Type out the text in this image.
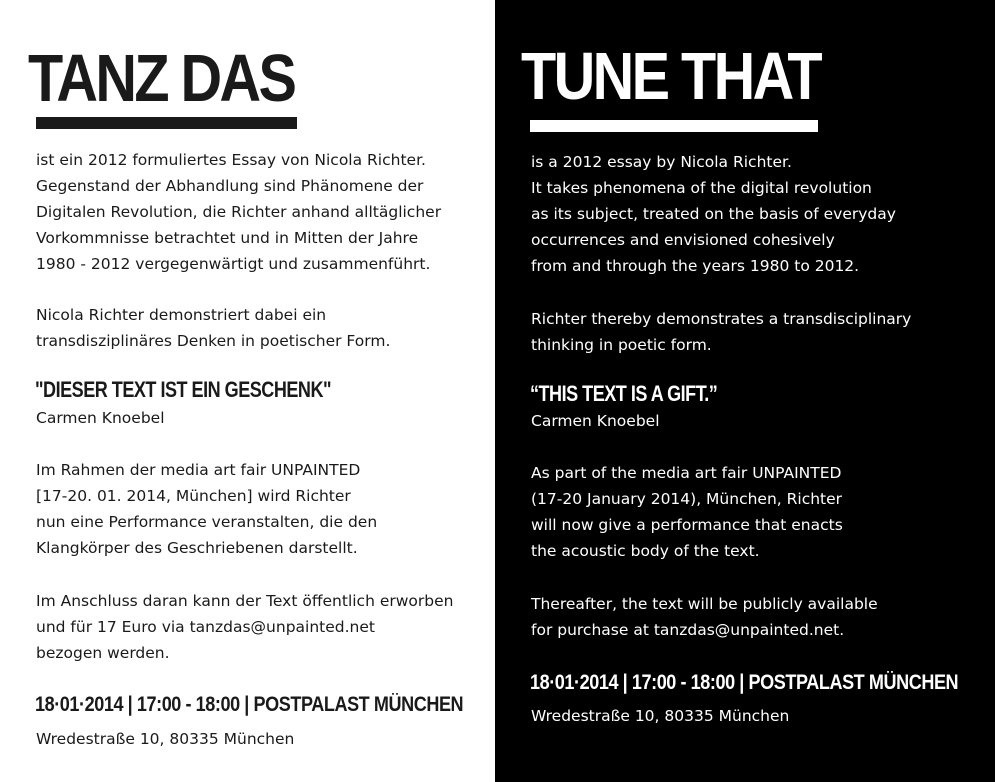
TANZ DAS

ist ein 2012 formuliertes Essay von Nicola Richter.
Gegenstand der Abhandlung sind Phänomene der
Digitalen Revolution, die Richter anhand alltäglicher
Vorkommnisse betrachtet und in Mitten der Jahre
1980 - 2012 vergegenwärtigt und zusammenführt.

Nicola Richter demonstriert dabei ein
transdisziplinäres Denken in poetischer Form.

"DIESER TEXT IST EIN GESCHENK"
Carmen Knoebel

Im Rahmen der media art fair UNPAINTED
[17-20. 01. 2014, München] wird Richter
nun eine Performance veranstalten, die den
Klangkörper des Geschriebenen darstellt.

Im Anschluss daran kann der Text öffentlich erworben
und für 17 Euro via tanzdas@unpainted.net
bezogen werden.

18·01·2014 | 17:00 - 18:00 | POSTPALAST MÜNCHEN
Wredestraße 10, 80335 München
TUNE THAT

is a 2012 essay by Nicola Richter.
It takes phenomena of the digital revolution
as its subject, treated on the basis of everyday
occurrences and envisioned cohesively
from and through the years 1980 to 2012.

Richter thereby demonstrates a transdisciplinary
thinking in poetic form.

“THIS TEXT IS A GIFT.”
Carmen Knoebel

As part of the media art fair UNPAINTED
(17-20 January 2014), München, Richter
will now give a performance that enacts
the acoustic body of the text.

Thereafter, the text will be publicly available
for purchase at tanzdas@unpainted.net.

18·01·2014 | 17:00 - 18:00 | POSTPALAST MÜNCHEN
Wredestraße 10, 80335 München
